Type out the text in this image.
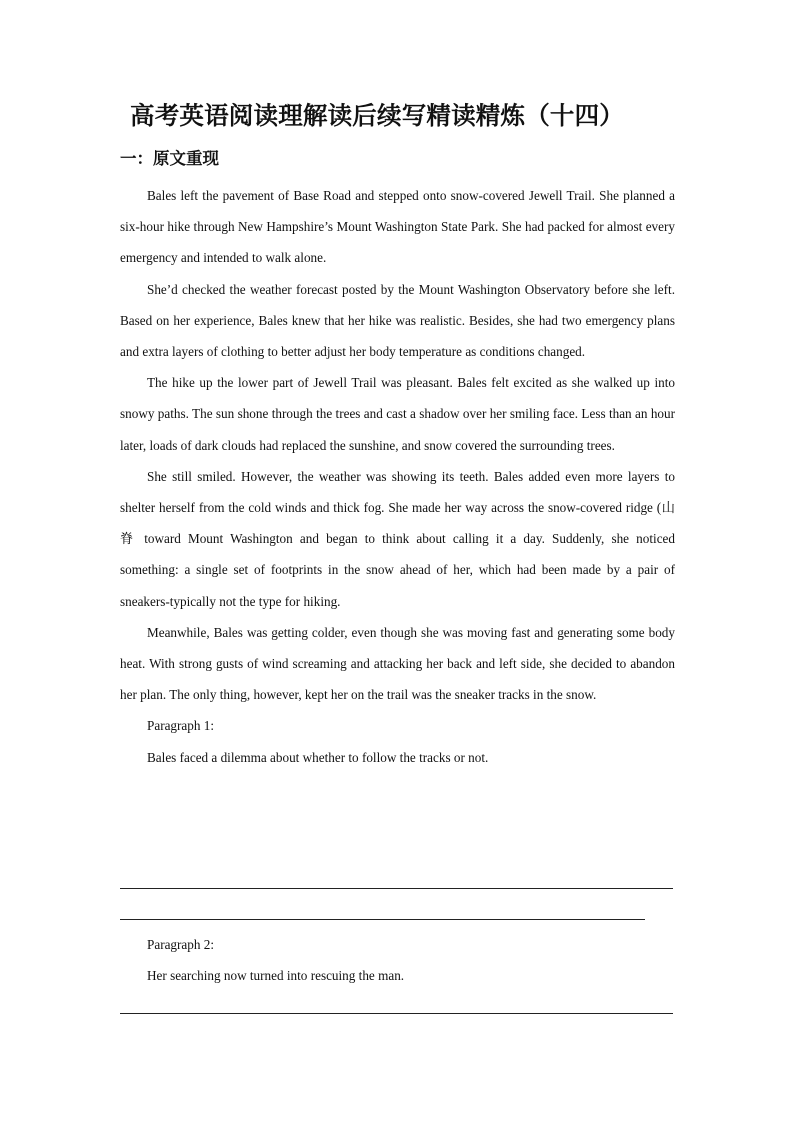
高考英语阅读理解读后续写精读精炼（十四）
一：原文重现

Bales left the pavement of Base Road and stepped onto snow-covered Jewell Trail. She planned a six-hour hike through New Hampshire’s Mount Washington State Park. She had packed for almost every emergency and intended to walk alone.

She’d checked the weather forecast posted by the Mount Washington Observatory before she left. Based on her experience, Bales knew that her hike was realistic. Besides, she had two emergency plans and extra layers of clothing to better adjust her body temperature as conditions changed.

The hike up the lower part of Jewell Trail was pleasant. Bales felt excited as she walked up into snowy paths. The sun shone through the trees and cast a shadow over her smiling face. Less than an hour later, loads of dark clouds had replaced the sunshine, and snow covered the surrounding trees.

She still smiled. However, the weather was showing its teeth. Bales added even more layers to shelter herself from the cold winds and thick fog. She made her way across the snow-covered ridge (山脊 toward Mount Washington and began to think about calling it a day. Suddenly, she noticed something: a single set of footprints in the snow ahead of her, which had been made by a pair of sneakers-typically not the type for hiking.

Meanwhile, Bales was getting colder, even though she was moving fast and generating some body heat. With strong gusts of wind screaming and attacking her back and left side, she decided to abandon her plan. The only thing, however, kept her on the trail was the sneaker tracks in the snow.

Paragraph 1:

Bales faced a dilemma about whether to follow the tracks or not.

Paragraph 2:

Her searching now turned into rescuing the man.
